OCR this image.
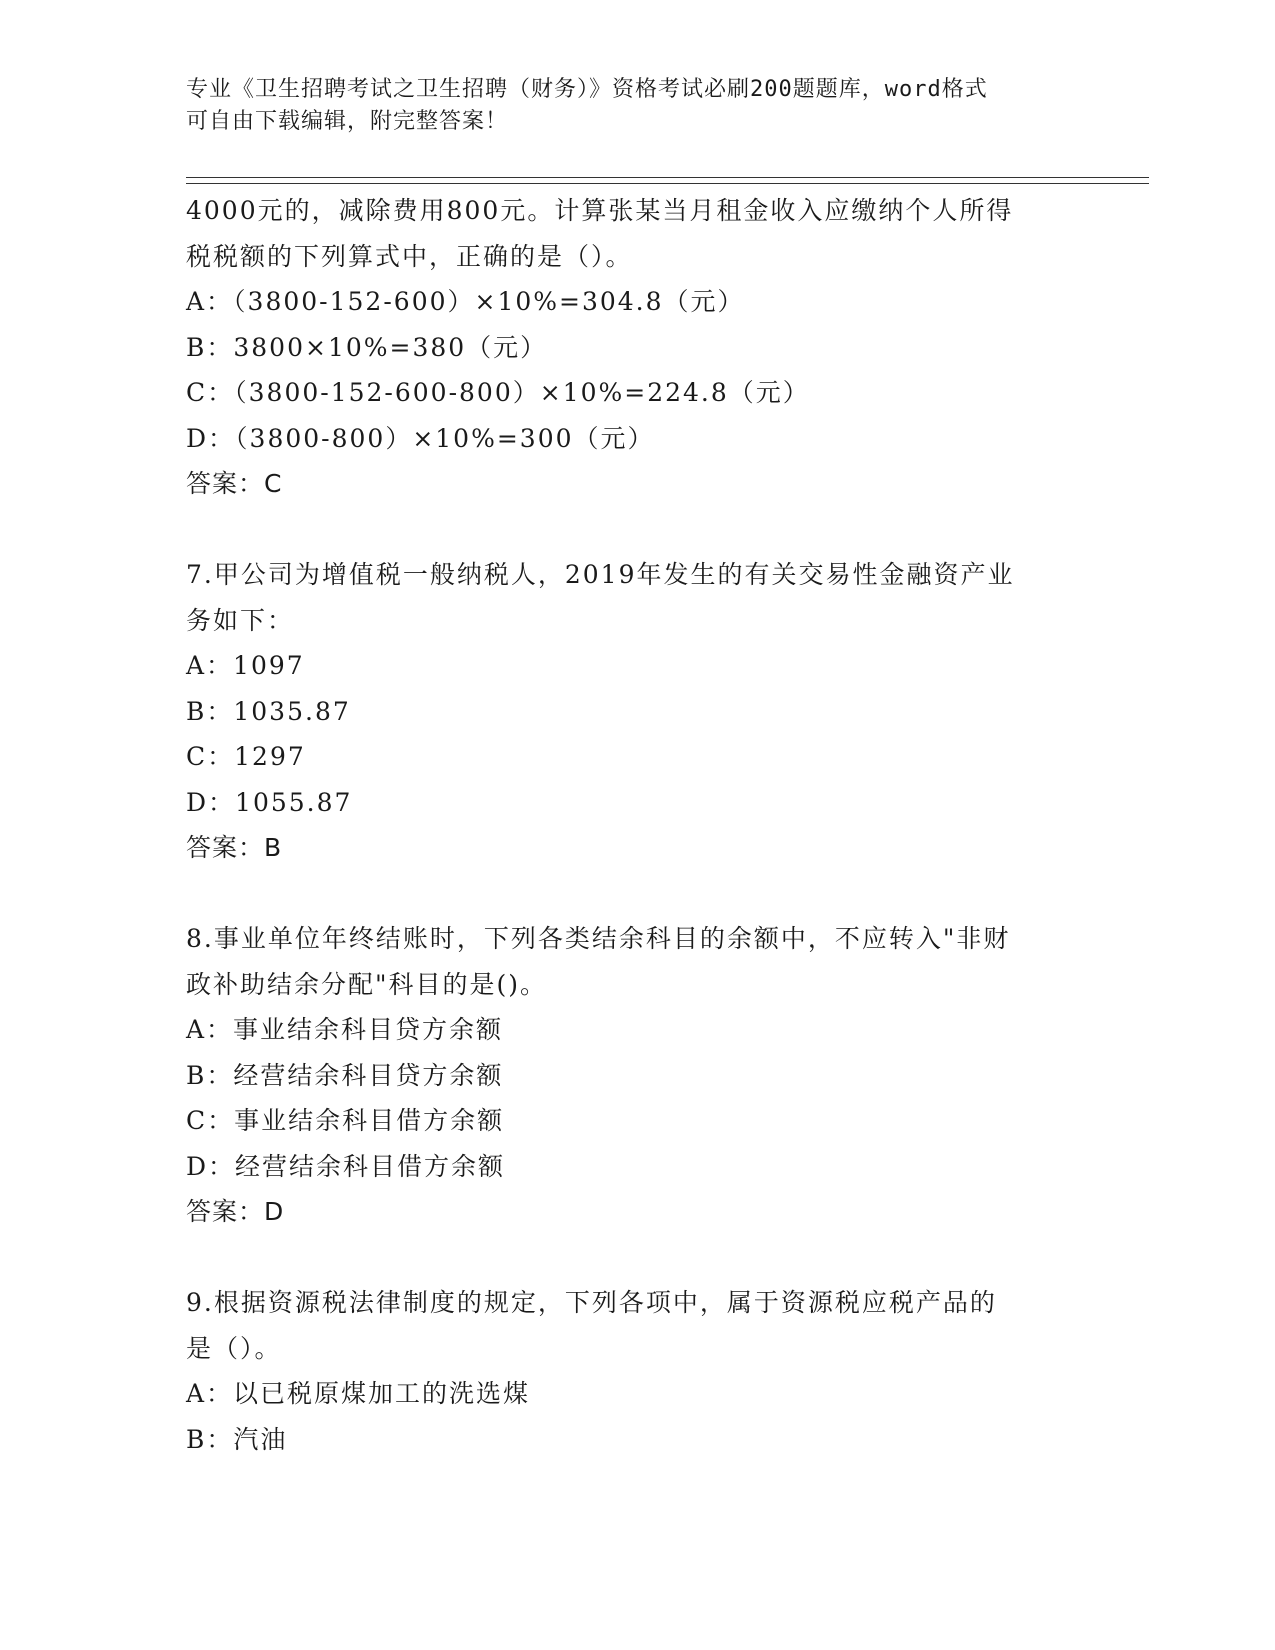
专业《卫生招聘考试之卫生招聘（财务）》资格考试必刷200题题库，word格式
可自由下载编辑，附完整答案！
4000元的，减除费用800元。计算张某当月租金收入应缴纳个人所得
税税额的下列算式中，正确的是（）。
A：（3800-152-600）×10%=304.8（元）
B：3800×10%=380（元）
C：（3800-152-600-800）×10%=224.8（元）
D：（3800-800）×10%=300（元）
答案：C
7.甲公司为增值税一般纳税人，2019年发生的有关交易性金融资产业
务如下：
A：1097
B：1035.87
C：1297
D：1055.87
答案：B
8.事业单位年终结账时，下列各类结余科目的余额中，不应转入"非财
政补助结余分配"科目的是()。
A：事业结余科目贷方余额
B：经营结余科目贷方余额
C：事业结余科目借方余额
D：经营结余科目借方余额
答案：D
9.根据资源税法律制度的规定，下列各项中，属于资源税应税产品的
是（）。
A：以已税原煤加工的洗选煤
B：汽油
